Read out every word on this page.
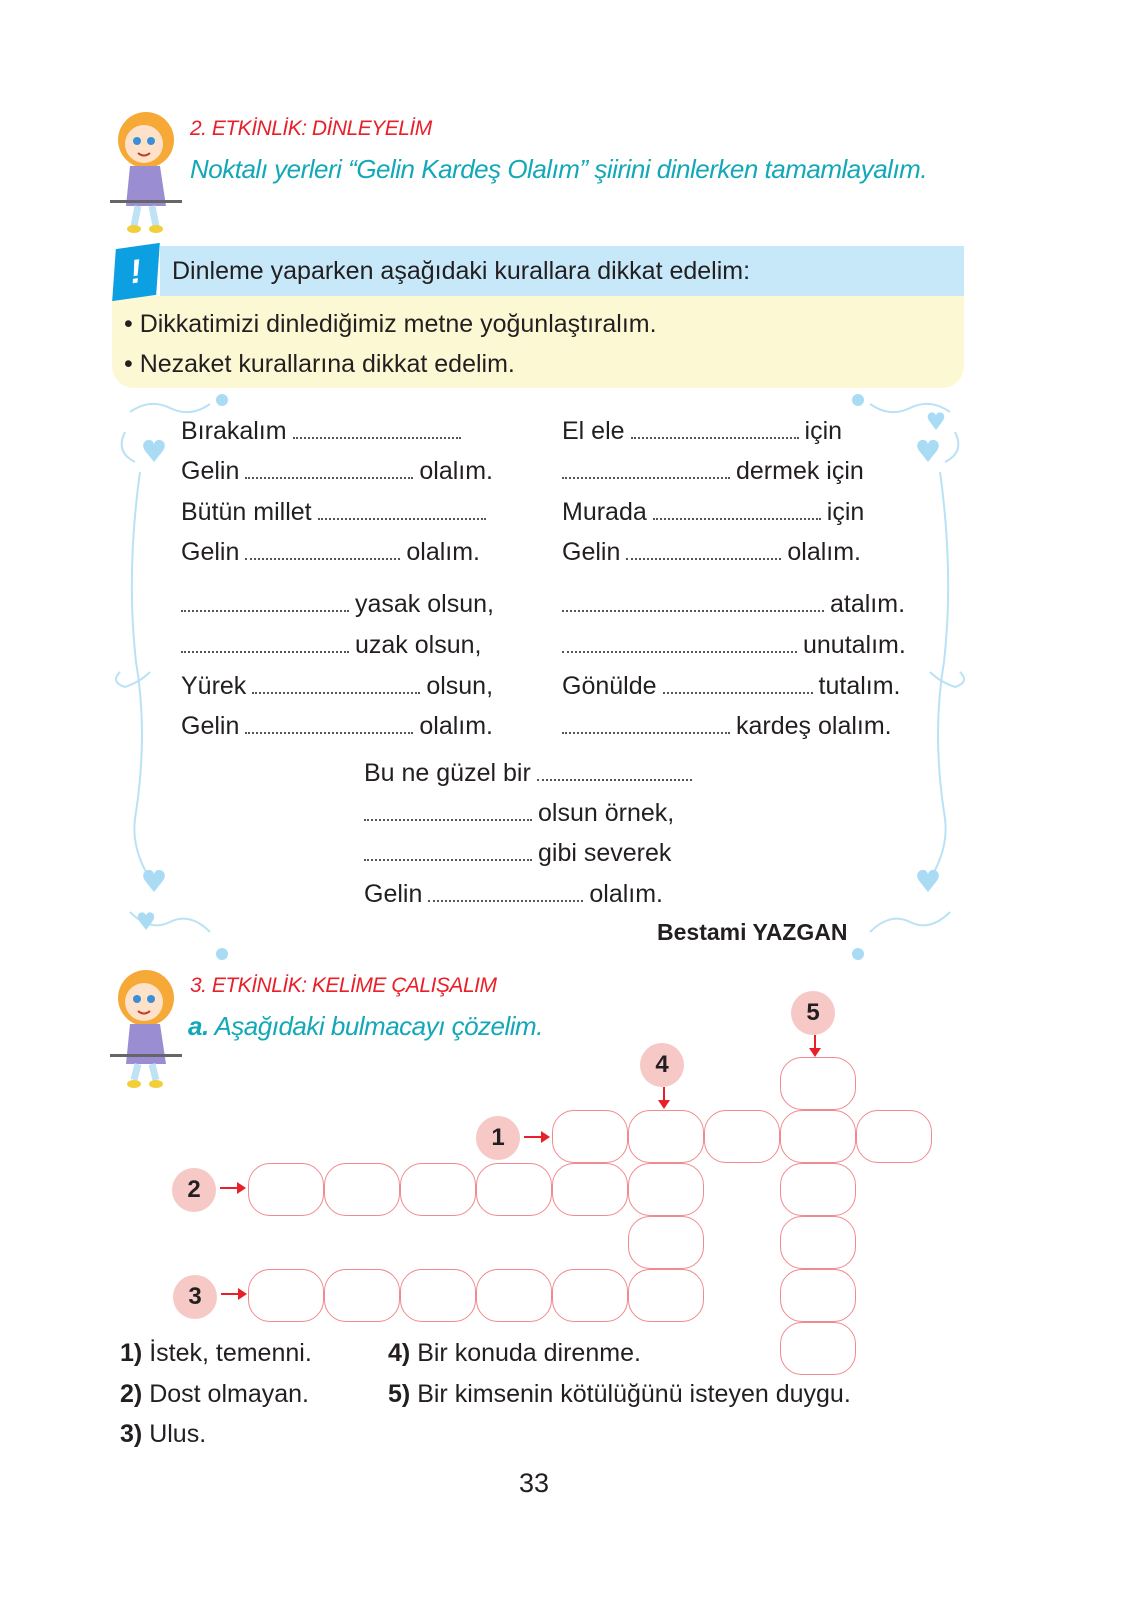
2. ETKİNLİK: DİNLEYELİM
Noktalı yerleri “Gelin Kardeş Olalım” şiirini dinlerken tamamlayalım.
Dinleme yaparken aşağıdaki kurallara dikkat edelim:
• Dikkatimizi dinlediğimiz metne yoğunlaştıralım.
• Nezaket kurallarına dikkat edelim.
!
Bırakalım
Gelin	olalım.
Bütün millet
Gelin	olalım.
yasak olsun,
uzak olsun,
Yürek	olsun,
Gelin	olalım.
El ele	için
dermek için
Murada	için
Gelin	olalım.
atalım.
unutalım.
Gönülde	tutalım.
kardeş olalım.
Bu ne güzel bir
olsun örnek,
gibi severek
Gelin	olalım.
Bestami YAZGAN
3. ETKİNLİK: KELİME ÇALIŞALIM
a. Aşağıdaki bulmacayı çözelim.	5
4
1
2
3
1) İstek, temenni.
2) Dost olmayan.
3) Ulus.
4) Bir konuda direnme.
5) Bir kimsenin kötülüğünü isteyen duygu.
33
